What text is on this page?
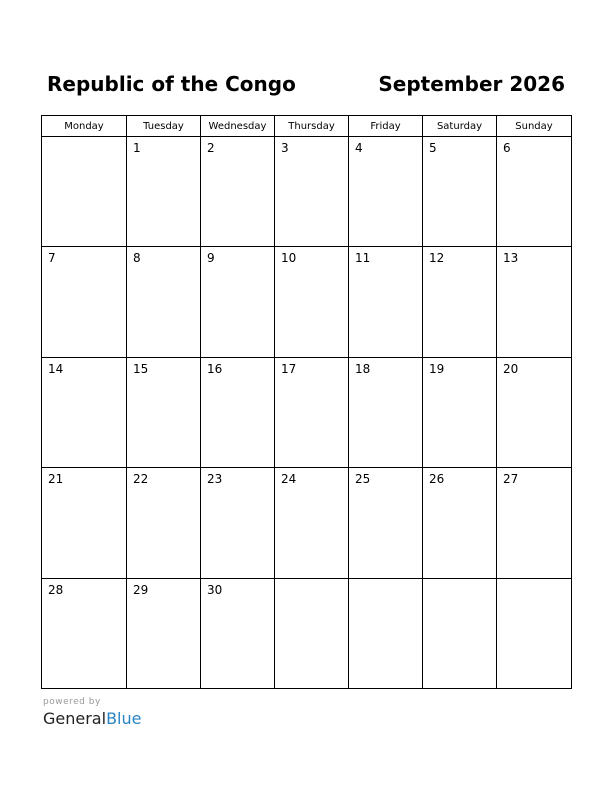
Republic of the Congo	September 2026
Monday	Tuesday	Wednesday	Thursday	Friday	Saturday	Sunday

	1	2	3	4	5	6

7	8	9	10	11	12	13

14	15	16	17	18	19	20

21	22	23	24	25	26	27

28	29	30				

powered by
GeneralBlue
